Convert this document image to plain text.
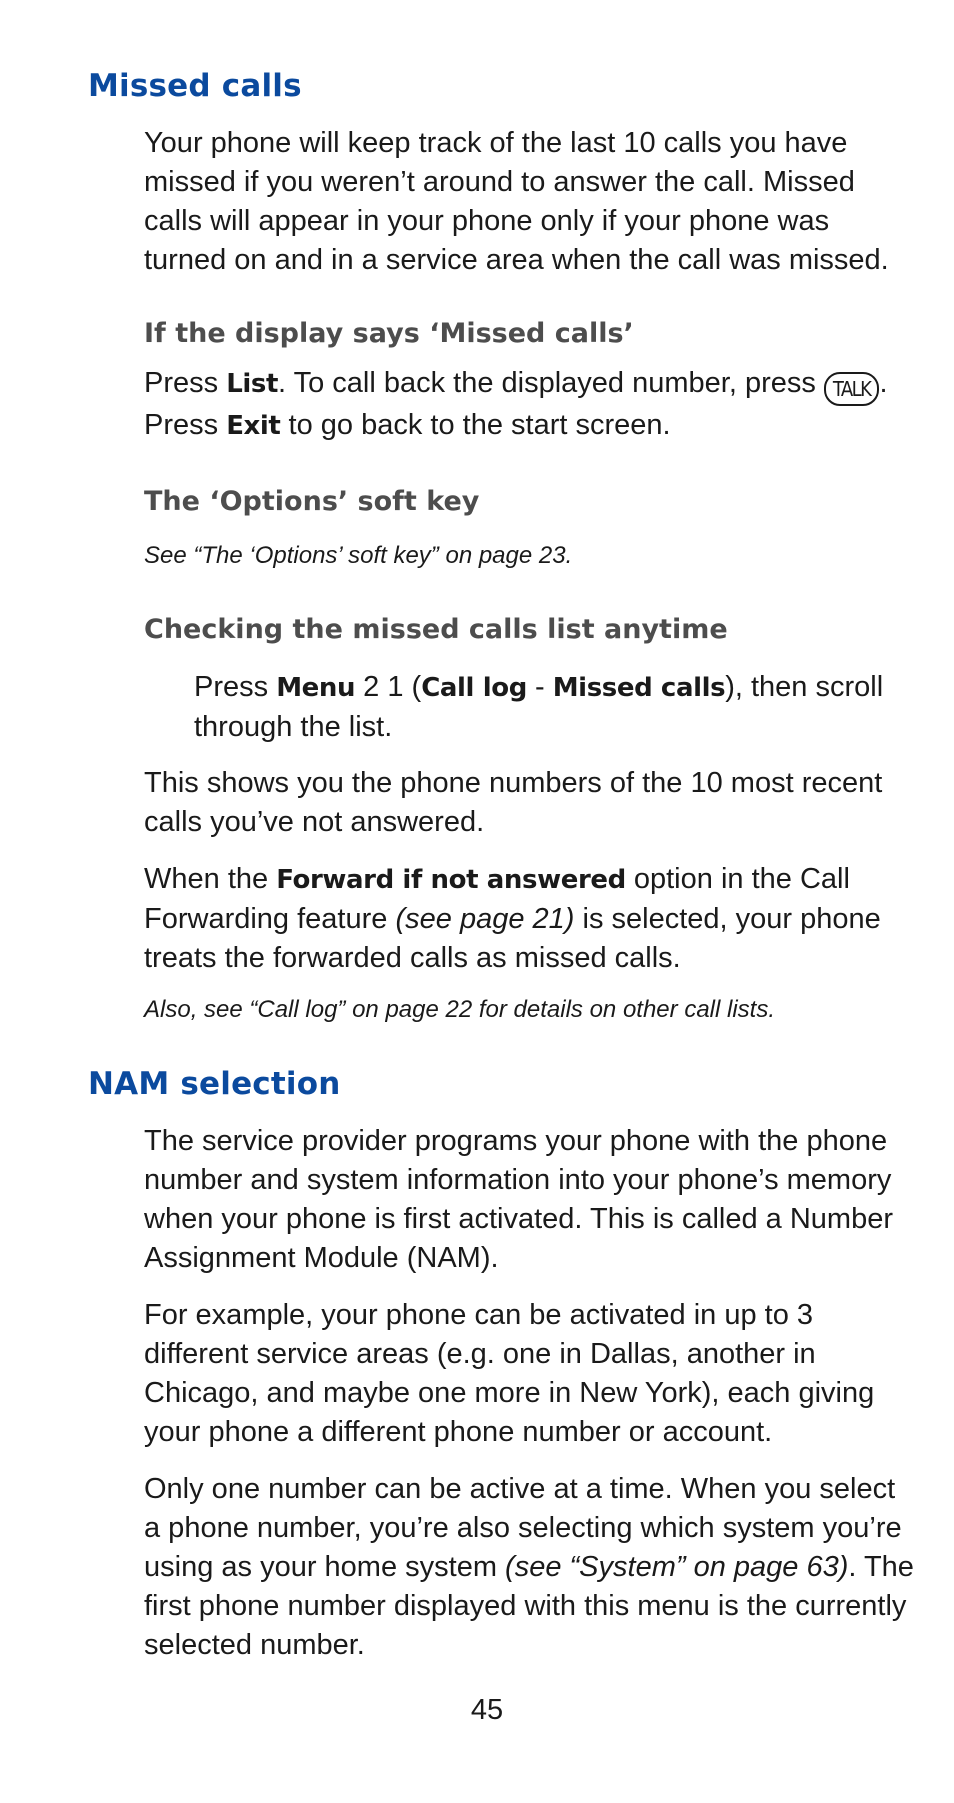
Missed calls

Your phone will keep track of the last 10 calls you have missed if you weren’t around to answer the call. Missed calls will appear in your phone only if your phone was turned on and in a service area when the call was missed.

If the display says ‘Missed calls’

Press List. To call back the displayed number, press TALK . Press Exit to go back to the start screen.

The ‘Options’ soft key

See “The ‘Options’ soft key” on page 23.

Checking the missed calls list anytime

Press Menu 2 1 (Call log - Missed calls), then scroll through the list.

This shows you the phone numbers of the 10 most recent calls you’ve not answered.

When the Forward if not answered option in the Call Forwarding feature (see page 21) is selected, your phone treats the forwarded calls as missed calls.

Also, see “Call log” on page 22 for details on other call lists.

NAM selection

The service provider programs your phone with the phone number and system information into your phone’s memory when your phone is first activated. This is called a Number Assignment Module (NAM).

For example, your phone can be activated in up to 3 different service areas (e.g. one in Dallas, another in Chicago, and maybe one more in New York), each giving your phone a different phone number or account.

Only one number can be active at a time. When you select a phone number, you’re also selecting which system you’re using as your home system (see “System” on page 63). The first phone number displayed with this menu is the currently selected number.

45
